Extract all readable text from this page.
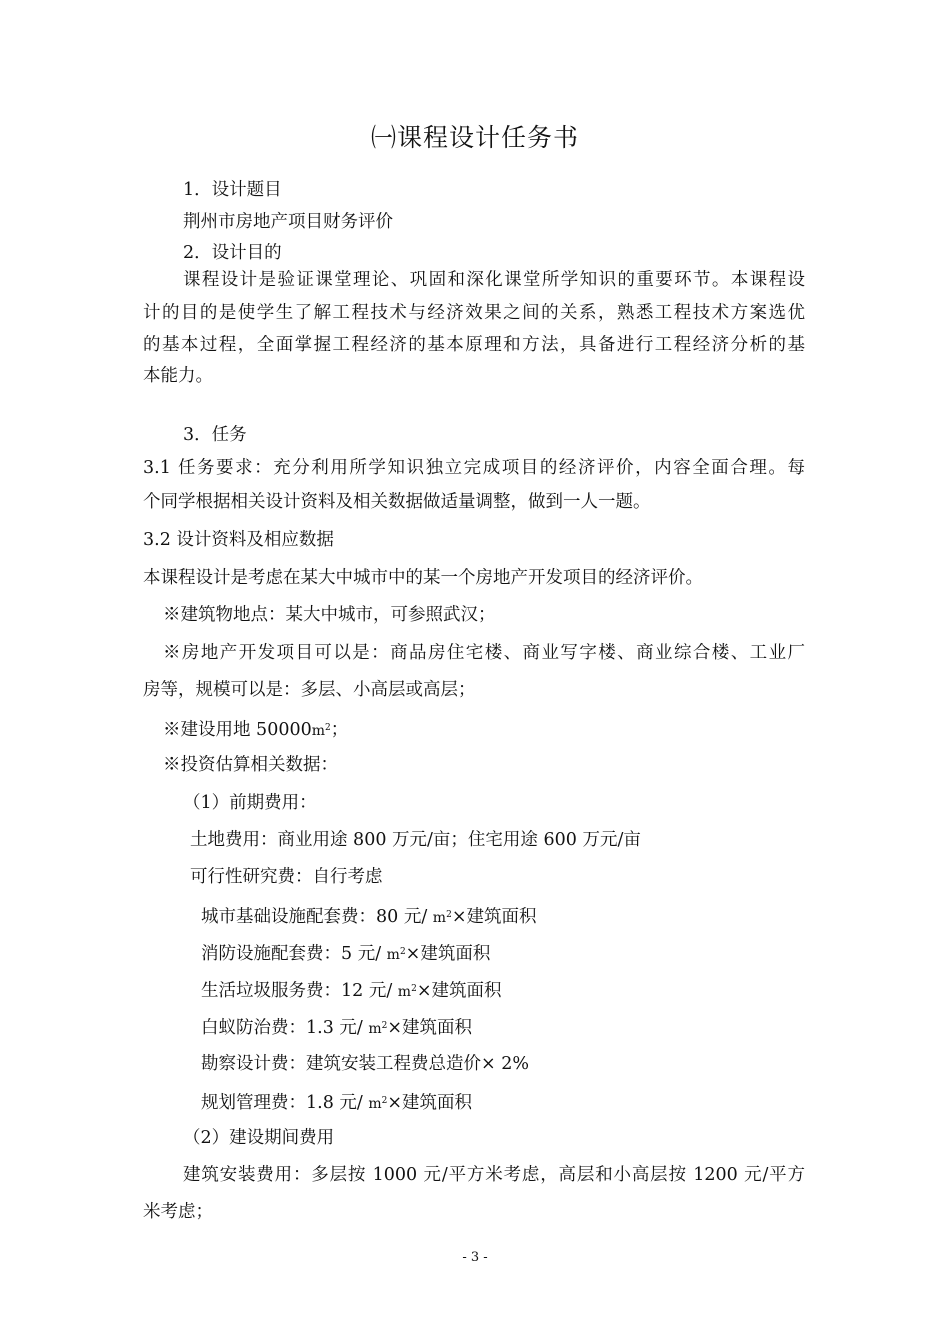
㈠课程设计任务书
1．设计题目
荆州市房地产项目财务评价
2．设计目的
课程设计是验证课堂理论、巩固和深化课堂所学知识的重要环节。本课程设
计的目的是使学生了解工程技术与经济效果之间的关系，熟悉工程技术方案选优
的基本过程，全面掌握工程经济的基本原理和方法，具备进行工程经济分析的基
本能力。
3．任务
3.1 任务要求：充分利用所学知识独立完成项目的经济评价，内容全面合理。每
个同学根据相关设计资料及相关数据做适量调整，做到一人一题。
3.2 设计资料及相应数据
本课程设计是考虑在某大中城市中的某一个房地产开发项目的经济评价。
※建筑物地点：某大中城市，可参照武汉；
※房地产开发项目可以是：商品房住宅楼、商业写字楼、商业综合楼、工业厂
房等，规模可以是：多层、小高层或高层；
※建设用地 $50000m^2$；
※投资估算相关数据：
（1）前期费用：
土地费用：商业用途 800 万元/亩；住宅用途 600 万元/亩
可行性研究费：自行考虑
城市基础设施配套费：80 元/ $m^2\times$建筑面积
消防设施配套费：5 元/ $m^2\times$建筑面积
生活垃圾服务费：12 元/ $m^2\times$建筑面积
白蚁防治费：1.3 元/ $m^2\times$建筑面积
勘察设计费：建筑安装工程费总造价× 2%
规划管理费：1.8 元/ $m^2\times$建筑面积
（2）建设期间费用
建筑安装费用：多层按 1000 元/平方米考虑，高层和小高层按 1200 元/平方
米考虑；
- 3 -
